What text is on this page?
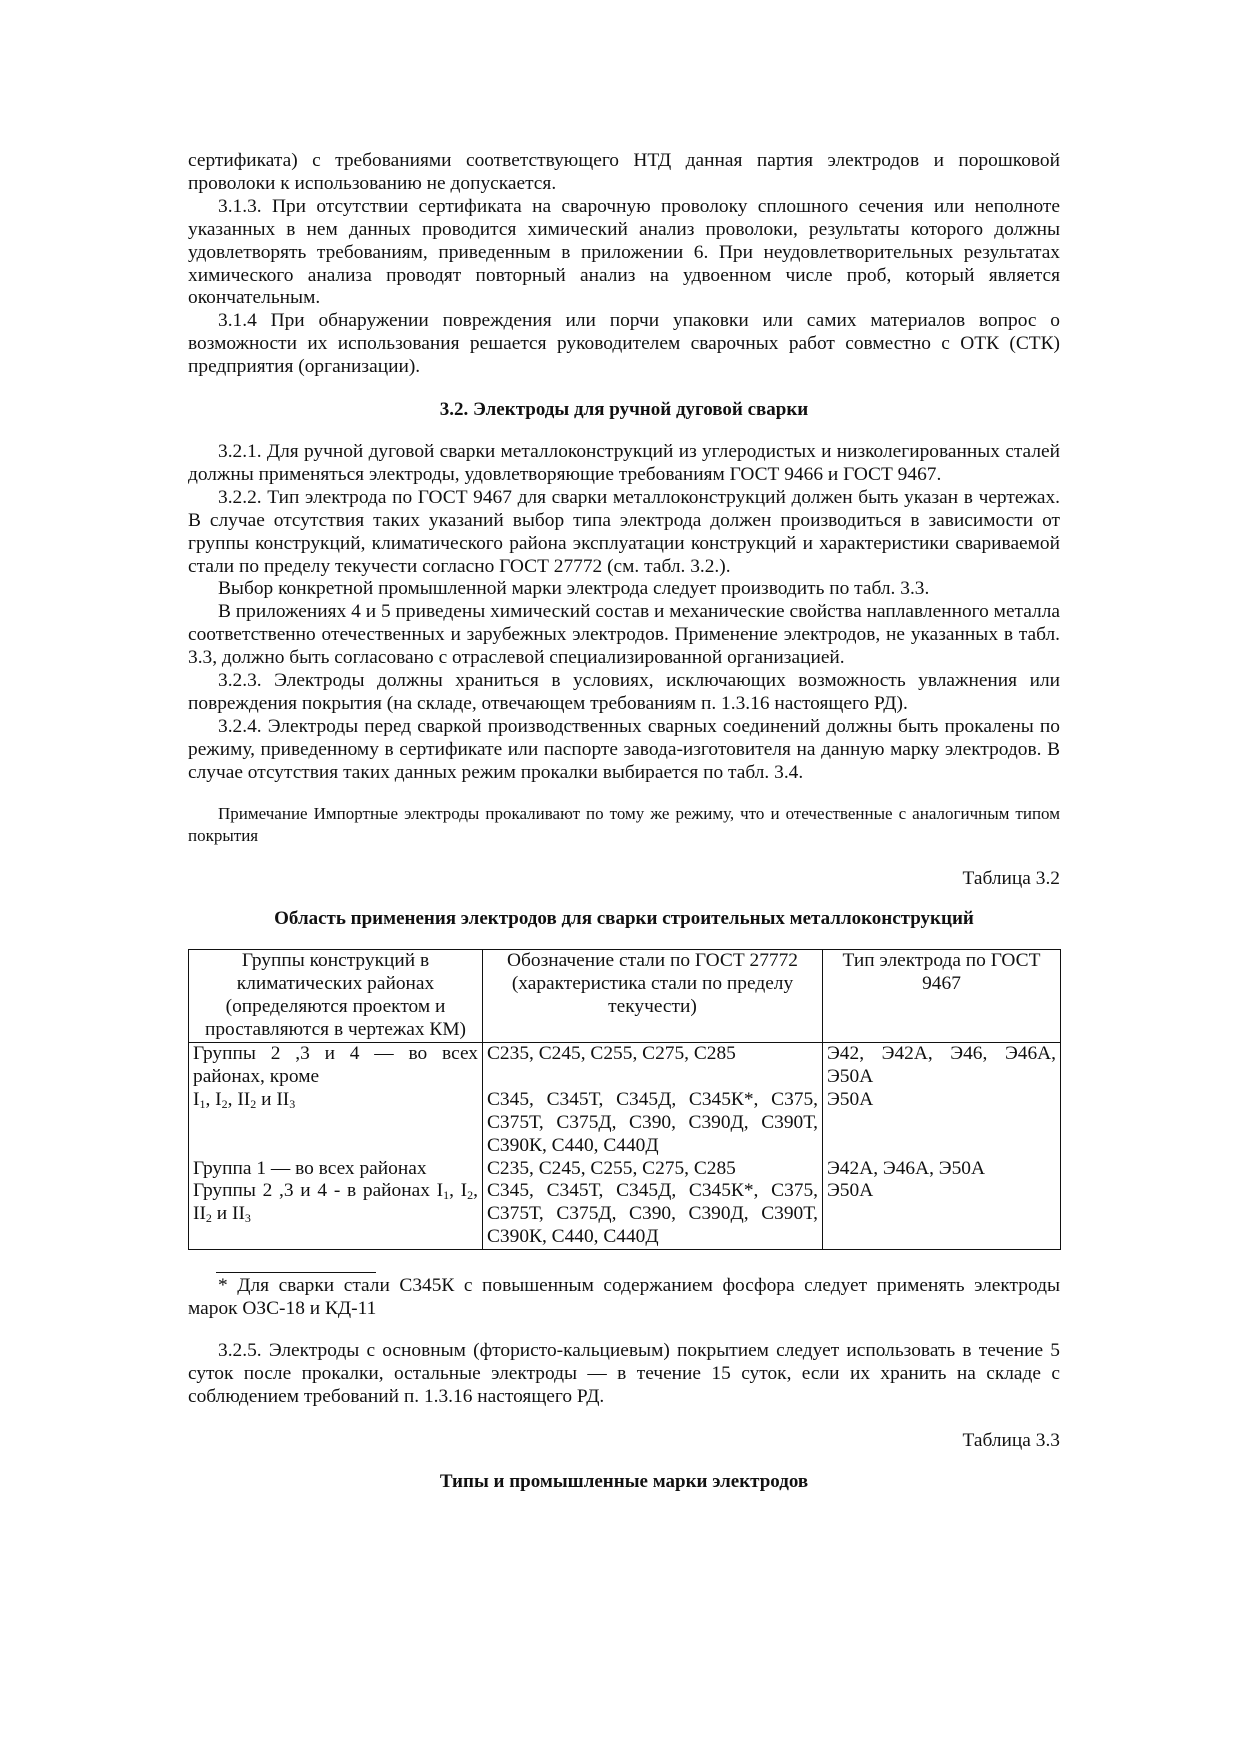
сертификата) с требованиями соответствующего НТД данная партия электродов и порошковой проволоки к использованию не допускается.

3.1.3. При отсутствии сертификата на сварочную проволоку сплошного сечения или неполноте указанных в нем данных проводится химический анализ проволоки, результаты которого должны удовлетворять требованиям, приведенным в приложении 6. При неудовлетворительных результатах химического анализа проводят повторный анализ на удвоенном числе проб, который является окончательным.

3.1.4 При обнаружении повреждения или порчи упаковки или самих материалов вопрос о возможности их использования решается руководителем сварочных работ совместно с ОТК (СТК) предприятия (организации).

3.2. Электроды для ручной дуговой сварки

3.2.1. Для ручной дуговой сварки металлоконструкций из углеродистых и низколегированных сталей должны применяться электроды, удовлетворяющие требованиям ГОСТ 9466 и ГОСТ 9467.

3.2.2. Тип электрода по ГОСТ 9467 для сварки металлоконструкций должен быть указан в чертежах. В случае отсутствия таких указаний выбор типа электрода должен производиться в зависимости от группы конструкций, климатического района эксплуатации конструкций и характеристики свариваемой стали по пределу текучести согласно ГОСТ 27772 (см. табл. 3.2.).

Выбор конкретной промышленной марки электрода следует производить по табл. 3.3.

В приложениях 4 и 5 приведены химический состав и механические свойства наплавленного металла соответственно отечественных и зарубежных электродов. Применение электродов, не указанных в табл. 3.3, должно быть согласовано с отраслевой специализированной организацией.

3.2.3. Электроды должны храниться в условиях, исключающих возможность увлажнения или повреждения покрытия (на складе, отвечающем требованиям п. 1.3.16 настоящего РД).

3.2.4. Электроды перед сваркой производственных сварных соединений должны быть прокалены по режиму, приведенному в сертификате или паспорте завода-изготовителя на данную марку электродов. В случае отсутствия таких данных режим прокалки выбирается по табл. 3.4.

Примечание Импортные электроды прокаливают по тому же режиму, что и отечественные с аналогичным типом покрытия

Таблица 3.2

Область применения электродов для сварки строительных металлоконструкций

Группы конструкций в климатических районах (определяются проектом и проставляются в чертежах КМ)	Обозначение стали по ГОСТ 27772 (характеристика стали по пределу текучести)	Тип электрода по ГОСТ 9467
Группы 2 ,3 и 4 — во всех районах, кроме	С235, С245, С255, С275, С285	Э42, Э42А, Э46, Э46А, Э50А
$I_1$, $I_2$, $II_2$ и $II_3$	С345, С345Т, С345Д, С345К*, С375, С375Т, С375Д, С390, С390Д, С390Т, С390К, С440, С440Д	Э50А
Группа 1 — во всех районах	С235, С245, С255, С275, С285	Э42А, Э46А, Э50А
Группы 2 ,3 и 4 - в районах $I_1$, $I_2$, $II_2$ и $II_3$	С345, С345Т, С345Д, С345К*, С375, С375Т, С375Д, С390, С390Д, С390Т, С390К, С440, С440Д	Э50А

* Для сварки стали С345К с повышенным содержанием фосфора следует применять электроды марок ОЗС-18 и КД-11

3.2.5. Электроды с основным (фтористо-кальциевым) покрытием следует использовать в течение 5 суток после прокалки, остальные электроды — в течение 15 суток, если их хранить на складе с соблюдением требований п. 1.3.16 настоящего РД.

Таблица 3.3

Типы и промышленные марки электродов
